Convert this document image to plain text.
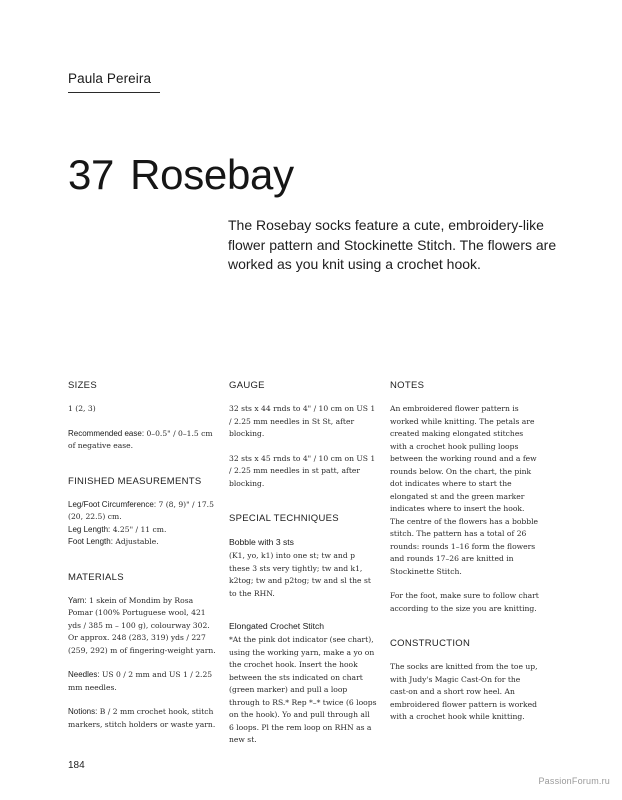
Paula Pereira
37 Rosebay
The Rosebay socks feature a cute, embroidery-like flower pattern and Stockinette Stitch. The flowers are worked as you knit using a crochet hook.
SIZES

1 (2, 3)

Recommended ease: 0–0.5" / 0–1.5 cm of negative ease.

FINISHED MEASUREMENTS

Leg/Foot Circumference: 7 (8, 9)" / 17.5 (20, 22.5) cm.

Leg Length: 4.25" / 11 cm.

Foot Length: Adjustable.

MATERIALS

Yarn: 1 skein of Mondim by Rosa Pomar (100% Portuguese wool, 421 yds / 385 m – 100 g), colourway 302. Or approx. 248 (283, 319) yds / 227 (259, 292) m of fingering-weight yarn.

Needles: US 0 / 2 mm and US 1 / 2.25 mm needles.

Notions: B / 2 mm crochet hook, stitch markers, stitch holders or waste yarn.

GAUGE

32 sts x 44 rnds to 4" / 10 cm on US 1 / 2.25 mm needles in St St, after blocking.

32 sts x 45 rnds to 4" / 10 cm on US 1 / 2.25 mm needles in st patt, after blocking.

SPECIAL TECHNIQUES
Bobble with 3 sts

(K1, yo, k1) into one st; tw and p these 3 sts very tightly; tw and k1, k2tog; tw and p2tog; tw and sl the st to the RHN.

Elongated Crochet Stitch

*At the pink dot indicator (see chart), using the working yarn, make a yo on the crochet hook. Insert the hook between the sts indicated on chart (green marker) and pull a loop through to RS.* Rep *–* twice (6 loops on the hook). Yo and pull through all 6 loops. Pl the rem loop on RHN as a new st.

NOTES

An embroidered flower pattern is worked while knitting. The petals are created making elongated stitches with a crochet hook pulling loops between the working round and a few rounds below. On the chart, the pink dot indicates where to start the elongated st and the green marker indicates where to insert the hook. The centre of the flowers has a bobble stitch. The pattern has a total of 26 rounds: rounds 1–16 form the flowers and rounds 17–26 are knitted in Stockinette Stitch.

For the foot, make sure to follow chart according to the size you are knitting.

CONSTRUCTION

The socks are knitted from the toe up, with Judy's Magic Cast-On for the cast-on and a short row heel. An embroidered flower pattern is worked with a crochet hook while knitting.

184
PassionForum.ru
